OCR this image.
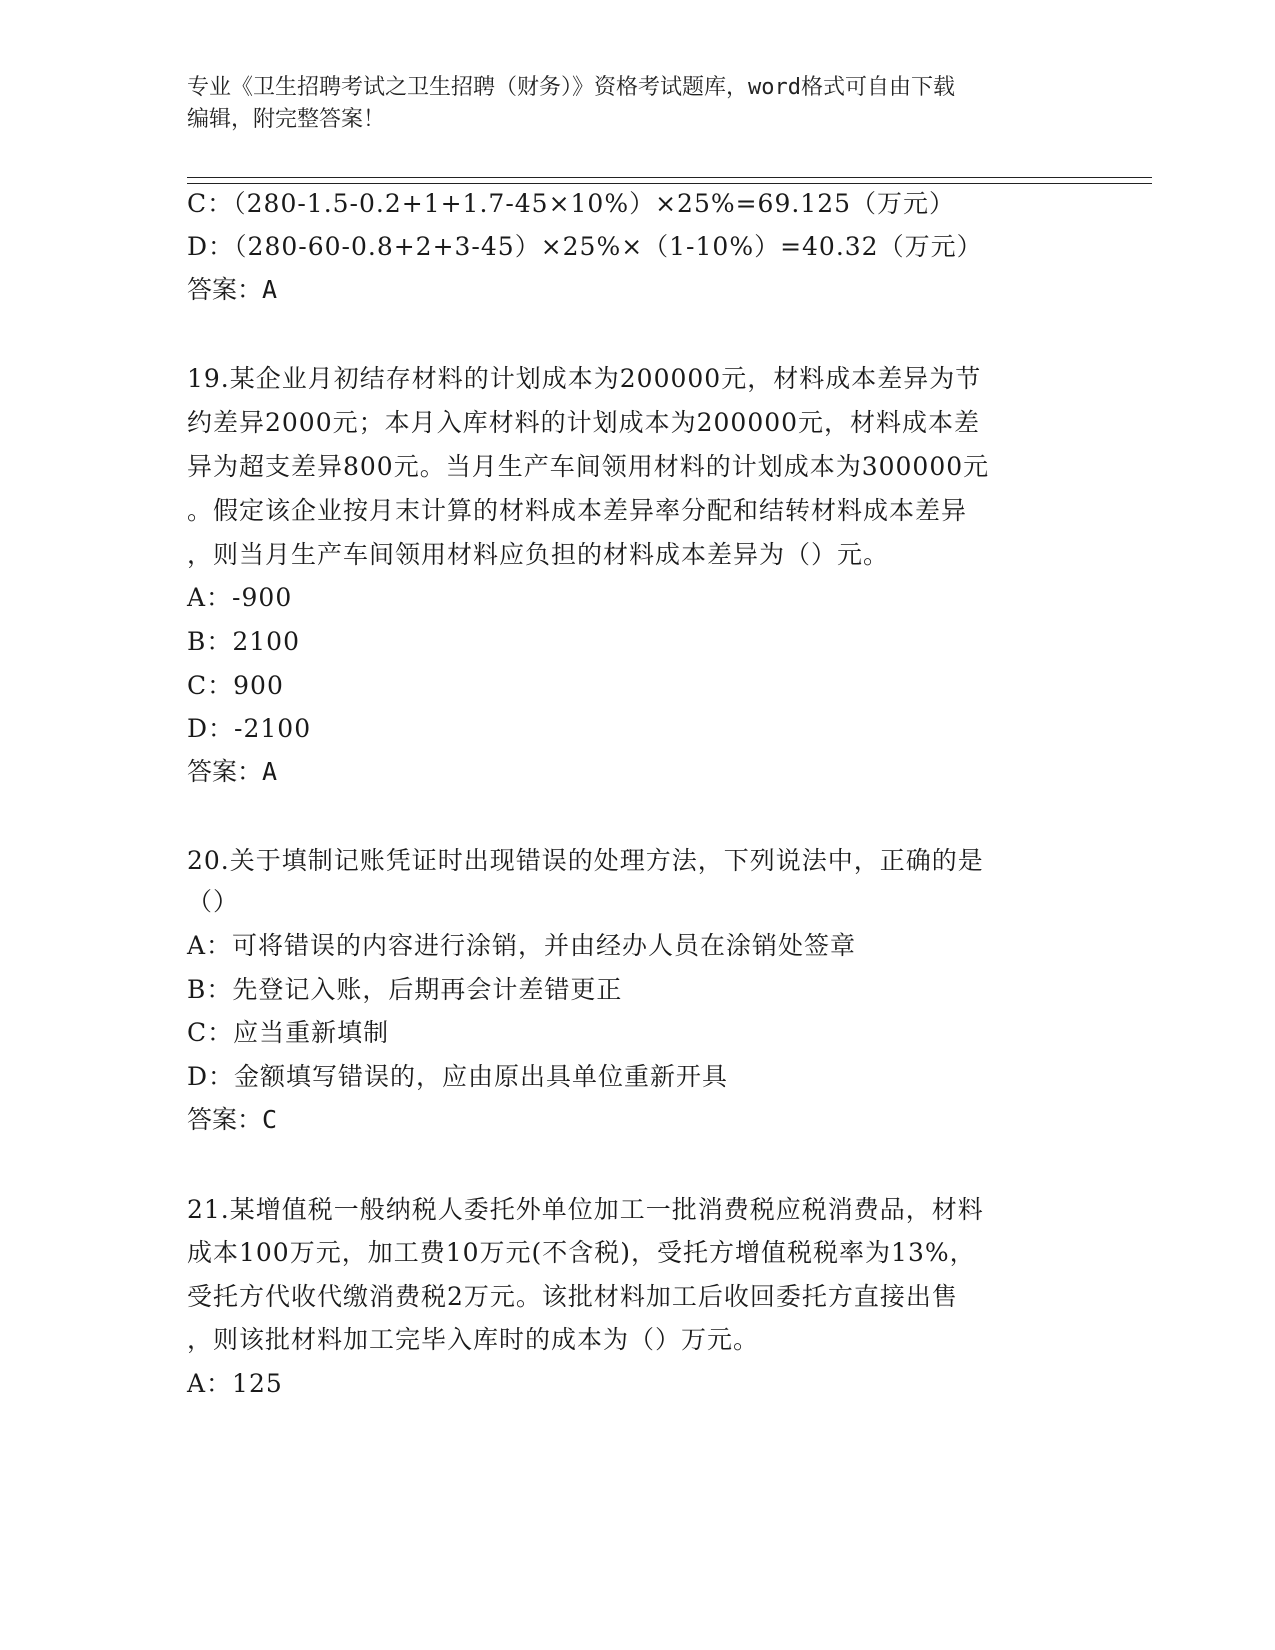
专业《卫生招聘考试之卫生招聘（财务）》资格考试题库，word格式可自由下载
编辑，附完整答案！
C：（280-1.5-0.2+1+1.7-45×10%）×25%=69.125（万元）
D：（280-60-0.8+2+3-45）×25%×（1-10%）=40.32（万元）
答案：A
19.某企业月初结存材料的计划成本为200000元，材料成本差异为节
约差异2000元；本月入库材料的计划成本为200000元，材料成本差
异为超支差异800元。当月生产车间领用材料的计划成本为300000元
。假定该企业按月末计算的材料成本差异率分配和结转材料成本差异
，则当月生产车间领用材料应负担的材料成本差异为（）元。
A：-900
B：2100
C：900
D：-2100
答案：A
20.关于填制记账凭证时出现错误的处理方法，下列说法中，正确的是
（）
A：可将错误的内容进行涂销，并由经办人员在涂销处签章
B：先登记入账，后期再会计差错更正
C：应当重新填制
D：金额填写错误的，应由原出具单位重新开具
答案：C
21.某增值税一般纳税人委托外单位加工一批消费税应税消费品，材料
成本100万元，加工费10万元(不含税)，受托方增值税税率为13%，
受托方代收代缴消费税2万元。该批材料加工后收回委托方直接出售
，则该批材料加工完毕入库时的成本为（）万元。
A：125
